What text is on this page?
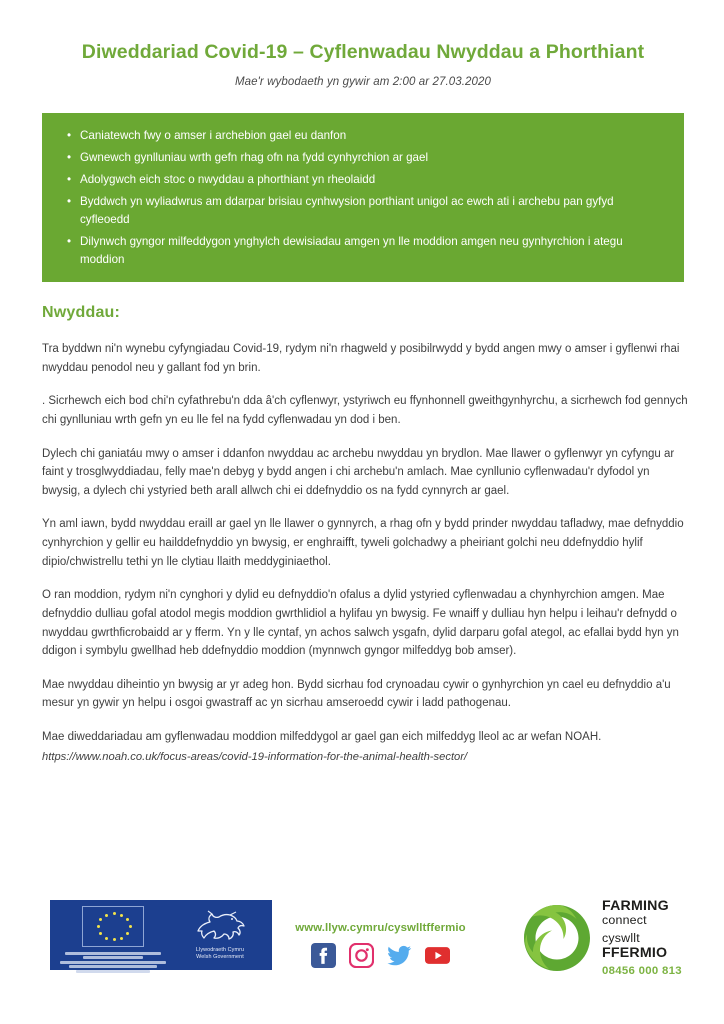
Diweddariad Covid-19 – Cyflenwadau Nwyddau a Phorthiant
Mae'r wybodaeth yn gywir am 2:00 ar 27.03.2020
• Caniatewch fwy o amser i archebion gael eu danfon
• Gwnewch gynlluniau wrth gefn rhag ofn na fydd cynhyrchion ar gael
• Adolygwch eich stoc o nwyddau a phorthiant yn rheolaidd
• Byddwch yn wyliadwrus am ddarpar brisiau cynhwysion porthiant unigol ac ewch ati i archebu pan gyfyd cyfleoedd
• Dilynwch gyngor milfeddygon ynghylch dewisiadau amgen yn lle moddion amgen neu gynhyrchion i ategu moddion
Nwyddau:

Tra byddwn ni'n wynebu cyfyngiadau Covid-19, rydym ni'n rhagweld y posibilrwydd y bydd angen mwy o amser i gyflenwi rhai nwyddau penodol neu y gallant fod yn brin.

. Sicrhewch eich bod chi'n cyfathrebu'n dda â'ch cyflenwyr, ystyriwch eu ffynhonnell gweithgynhyrchu, a sicrhewch fod gennych chi gynlluniau wrth gefn yn eu lle fel na fydd cyflenwadau yn dod i ben.

Dylech chi ganiatáu mwy o amser i ddanfon nwyddau ac archebu nwyddau yn brydlon. Mae llawer o gyflenwyr yn cyfyngu ar faint y trosglwyddiadau, felly mae'n debyg y bydd angen i chi archebu'n amlach. Mae cynllunio cyflenwadau'r dyfodol yn bwysig, a dylech chi ystyried beth arall allwch chi ei ddefnyddio os na fydd cynnyrch ar gael.

Yn aml iawn, bydd nwyddau eraill ar gael yn lle llawer o gynnyrch, a rhag ofn y bydd prinder nwyddau tafladwy, mae defnyddio cynhyrchion y gellir eu hailddefnyddio yn bwysig, er enghraifft, tyweli golchadwy a pheiriant golchi neu ddefnyddio hylif dipio/chwistrellu tethi yn lle clytiau llaith meddyginiaethol.

O ran moddion, rydym ni'n cynghori y dylid eu defnyddio'n ofalus a dylid ystyried cyflenwadau a chynhyrchion amgen. Mae defnyddio dulliau gofal atodol megis moddion gwrthlidiol a hylifau yn bwysig. Fe wnaiff y dulliau hyn helpu i leihau'r defnydd o nwyddau gwrthficrobaidd ar y fferm. Yn y lle cyntaf, yn achos salwch ysgafn, dylid darparu gofal ategol, ac efallai bydd hyn yn ddigon i symbylu gwellhad heb ddefnyddio moddion (mynnwch gyngor milfeddyg bob amser).

Mae nwyddau diheintio yn bwysig ar yr adeg hon. Bydd sicrhau fod crynoadau cywir o gynhyrchion yn cael eu defnyddio a'u mesur yn gywir yn helpu i osgoi gwastraff ac yn sicrhau amseroedd cywir i ladd pathogenau.

Mae diweddariadau am gyflenwadau moddion milfeddygol ar gael gan eich milfeddyg lleol ac ar wefan NOAH.

https://www.noah.co.uk/focus-areas/covid-19-information-for-the-animal-health-sector/
Llywodraeth Cymru
Welsh Government
www.llyw.cymru/cyswlltffermio
FARMING
connect
cyswllt
FFERMIO
08456 000 813
